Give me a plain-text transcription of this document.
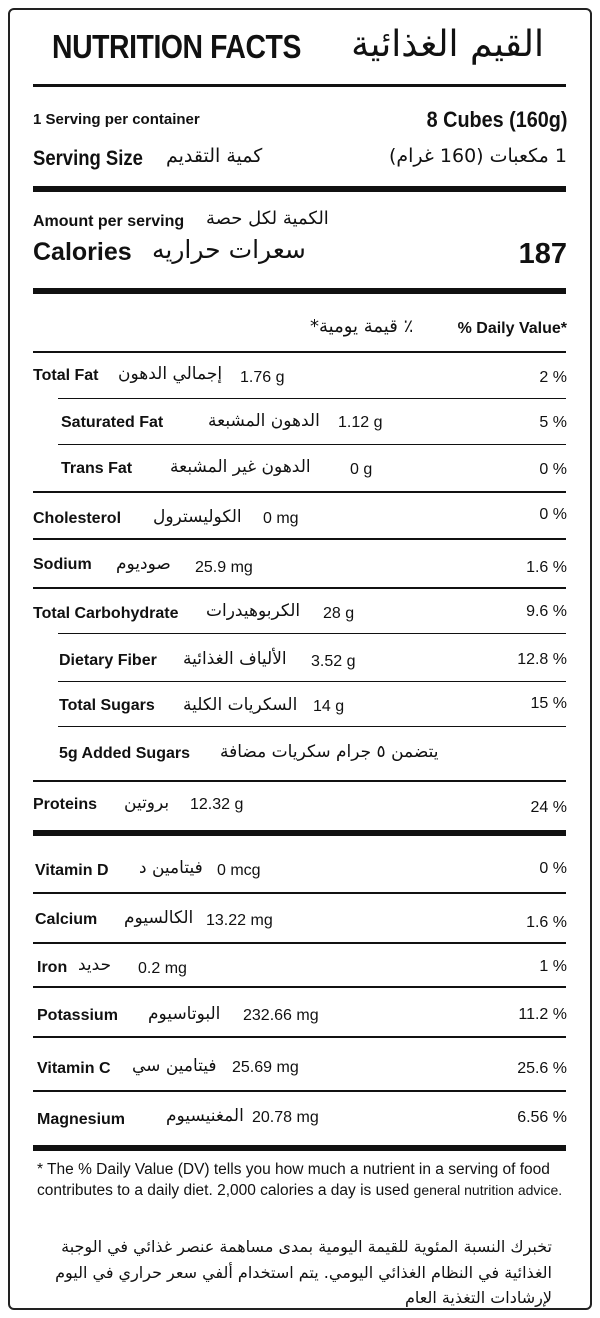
NUTRITION FACTS القيم الغذائية
1 Serving per container	8 Cubes (160g)
Serving Size كمية التقديم	1 مكعبات (160 غرام)
Amount per serving الكمية لكل حصة
Calories سعرات حراريه	187
٪ قيمة يومية*	% Daily Value*
Total Fat إجمالي الدهون 1.76 g	2 %
Saturated Fat	الدهون المشبعة 1.12 g	5 %
Trans Fat الدهون غير المشبعة 0 g	0 %
Cholesterol الكوليسترول 0 mg	0 %
Sodium صوديوم 25.9 mg	1.6 %
Total Carbohydrate الكربوهيدرات 28 g	9.6 %
Dietary Fiber الألياف الغذائية 3.52 g	12.8 %
Total Sugars السكريات الكلية 14 g	15 %
5g Added Sugars يتضمن ٥ جرام سكريات مضافة
Proteins بروتين 12.32 g	24 %
Vitamin D فيتامين د 0 mcg	0 %
Calcium الكالسيوم 13.22 mg	1.6 %
Iron حديد 0.2 mg	1 %
Potassium البوتاسيوم 232.66 mg	11.2 %
Vitamin C فيتامين سي 25.69 mg	25.6 %
Magnesium المغنيسيوم 20.78 mg	6.56 %
* The % Daily Value (DV) tells you how much a nutrient in a serving of food contributes to a daily diet. 2,000 calories a day is used general nutrition advice.
تخبرك النسبة المئوية للقيمة اليومية بمدى مساهمة عنصر غذائي في الوجبة الغذائية في النظام الغذائي اليومي. يتم استخدام ألفي سعر حراري في اليوم لإرشادات التغذية العام
